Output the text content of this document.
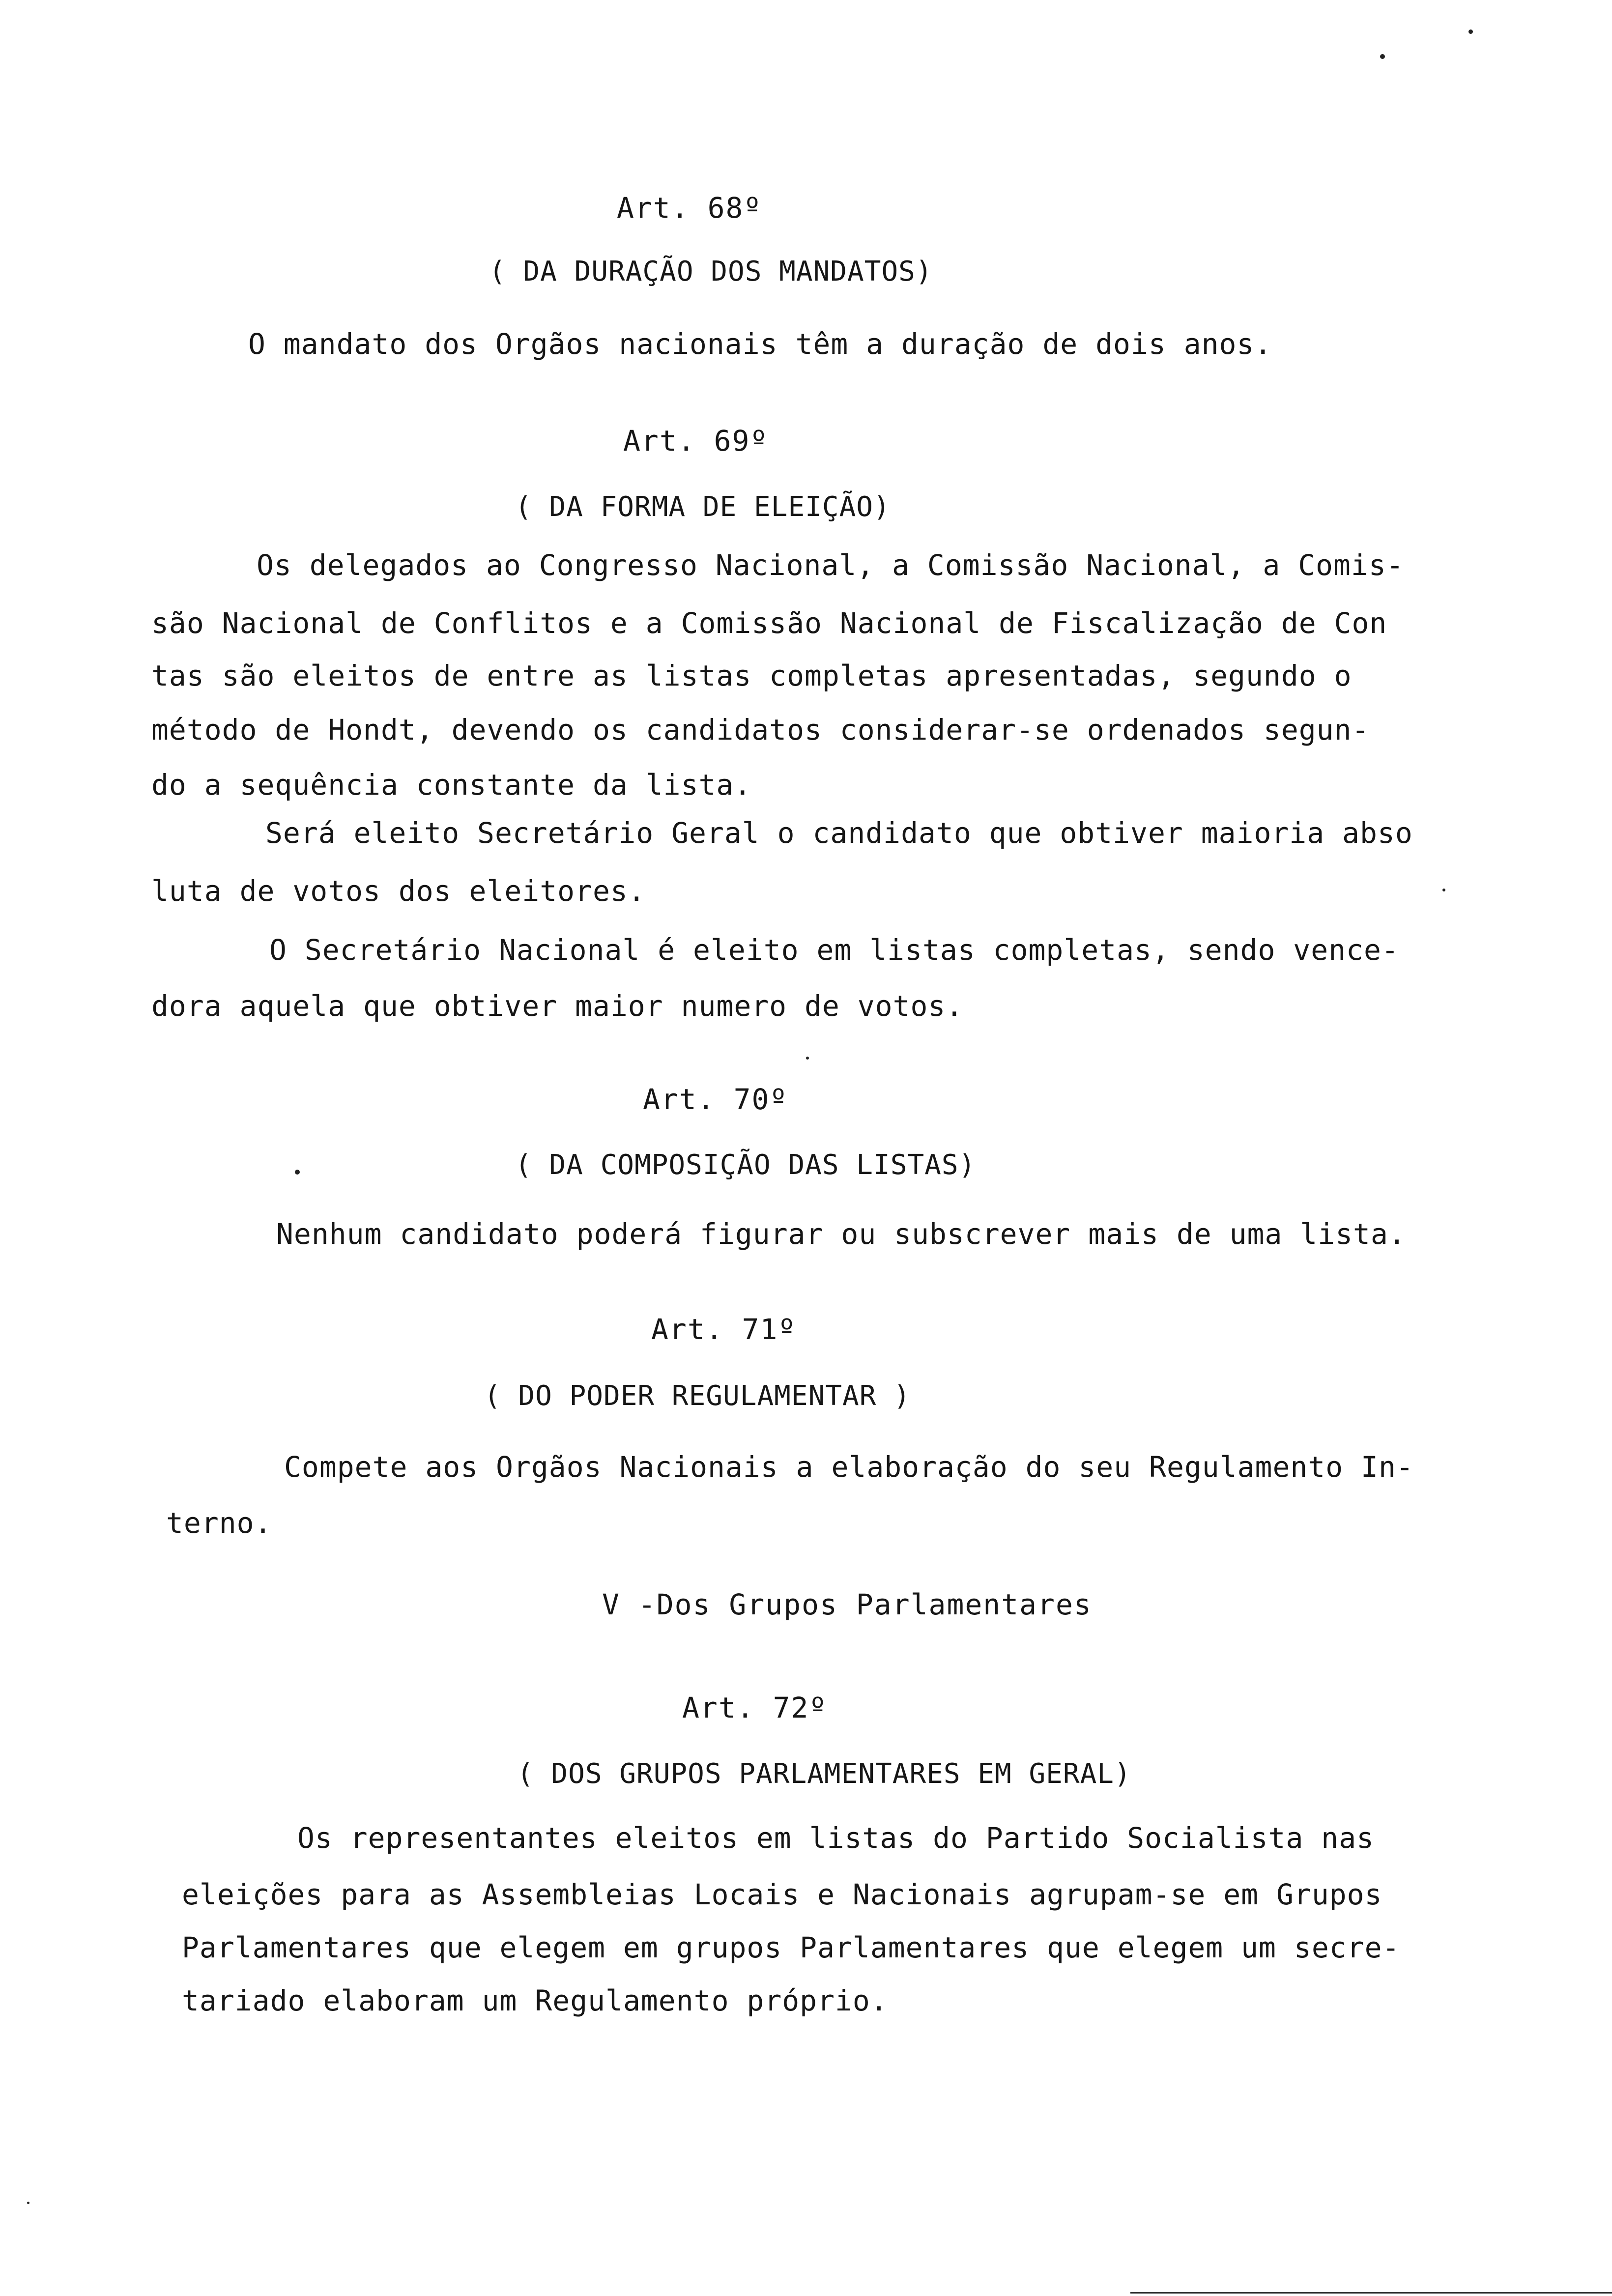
Art. 68º
( DA DURAÇÃO DOS MANDATOS)
O mandato dos Orgãos nacionais têm a duração de dois anos.
Art. 69º
( DA FORMA DE ELEIÇÃO)
Os delegados ao Congresso Nacional, a Comissão Nacional, a Comis-
são Nacional de Conflitos e a Comissão Nacional de Fiscalização de Con
tas são eleitos de entre as listas completas apresentadas, segundo o
método de Hondt, devendo os candidatos considerar-se ordenados segun-
do a sequência constante da lista.
Será eleito Secretário Geral o candidato que obtiver maioria abso
luta de votos dos eleitores.
O Secretário Nacional é eleito em listas completas, sendo vence-
dora aquela que obtiver maior numero de votos.
Art. 70º
( DA COMPOSIÇÃO DAS LISTAS)
Nenhum candidato poderá figurar ou subscrever mais de uma lista.
Art. 71º
( DO PODER REGULAMENTAR )
Compete aos Orgãos Nacionais a elaboração do seu Regulamento In-
terno.
V -Dos Grupos Parlamentares
Art. 72º
( DOS GRUPOS PARLAMENTARES EM GERAL)
Os representantes eleitos em listas do Partido Socialista nas
eleições para as Assembleias Locais e Nacionais agrupam-se em Grupos
Parlamentares que elegem em grupos Parlamentares que elegem um secre-
tariado elaboram um Regulamento próprio.
